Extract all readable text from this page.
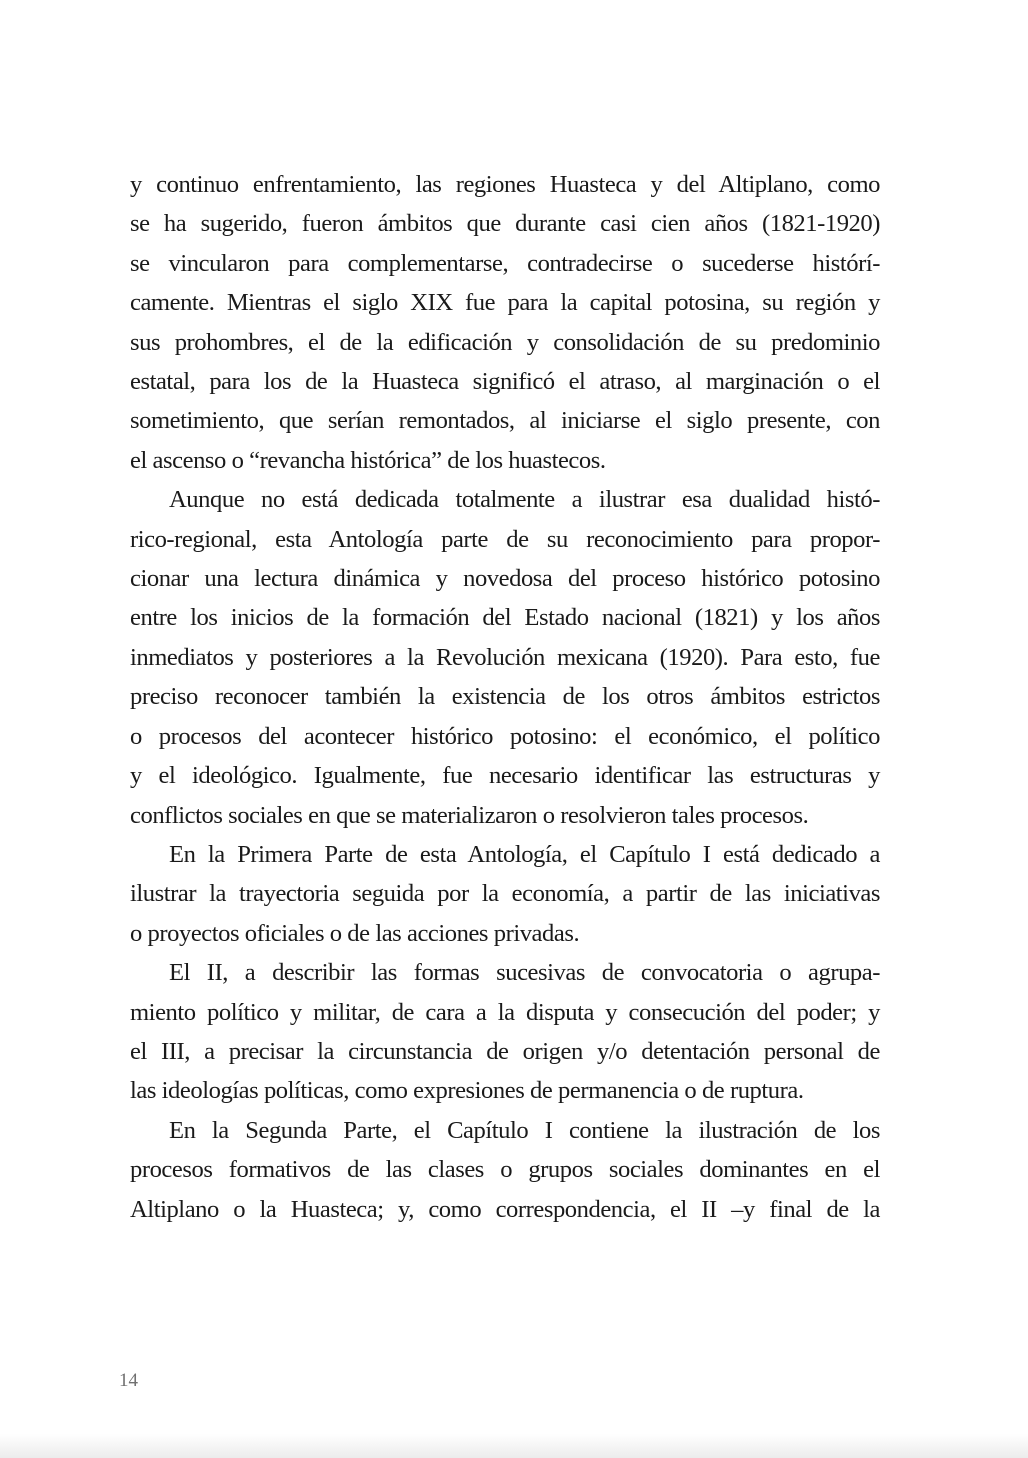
y continuo enfrentamiento, las regiones Huasteca y del Altiplano, como
se ha sugerido, fueron ámbitos que durante casi cien años (1821-1920)
se vincularon para complementarse, contradecirse o sucederse histórí-
camente. Mientras el siglo XIX fue para la capital potosina, su región y
sus prohombres, el de la edificación y consolidación de su predominio
estatal, para los de la Huasteca significó el atraso, al marginación o el
sometimiento, que serían remontados, al iniciarse el siglo presente, con
el ascenso o “revancha histórica” de los huastecos.

Aunque no está dedicada totalmente a ilustrar esa dualidad histó-
rico-regional, esta Antología parte de su reconocimiento para propor-
cionar una lectura dinámica y novedosa del proceso histórico potosino
entre los inicios de la formación del Estado nacional (1821) y los años
inmediatos y posteriores a la Revolución mexicana (1920). Para esto, fue
preciso reconocer también la existencia de los otros ámbitos estrictos
o procesos del acontecer histórico potosino: el económico, el político
y el ideológico. Igualmente, fue necesario identificar las estructuras y
conflictos sociales en que se materializaron o resolvieron tales procesos.

En la Primera Parte de esta Antología, el Capítulo I está dedicado a
ilustrar la trayectoria seguida por la economía, a partir de las iniciativas
o proyectos oficiales o de las acciones privadas.

El II, a describir las formas sucesivas de convocatoria o agrupa-
miento político y militar, de cara a la disputa y consecución del poder; y
el III, a precisar la circunstancia de origen y/o detentación personal de
las ideologías políticas, como expresiones de permanencia o de ruptura.

En la Segunda Parte, el Capítulo I contiene la ilustración de los
procesos formativos de las clases o grupos sociales dominantes en el
Altiplano o la Huasteca; y, como correspondencia, el II –y final de la

14
